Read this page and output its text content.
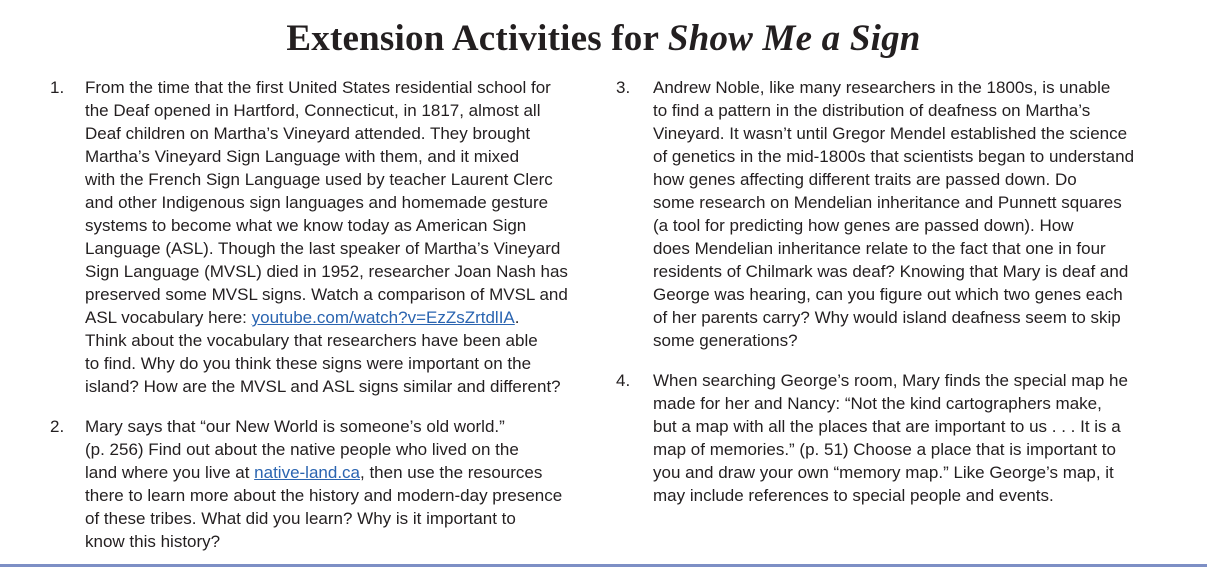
Extension Activities for Show Me a Sign
1. From the time that the first United States residential school for
the Deaf opened in Hartford, Connecticut, in 1817, almost all
Deaf children on Martha’s Vineyard attended. They brought
Martha’s Vineyard Sign Language with them, and it mixed
with the French Sign Language used by teacher Laurent Clerc
and other Indigenous sign languages and homemade gesture
systems to become what we know today as American Sign
Language (ASL). Though the last speaker of Martha’s Vineyard
Sign Language (MVSL) died in 1952, researcher Joan Nash has
preserved some MVSL signs. Watch a comparison of MVSL and
ASL vocabulary here: youtube.com/watch?v=EzZsZrtdlIA.
Think about the vocabulary that researchers have been able
to find. Why do you think these signs were important on the
island? How are the MVSL and ASL signs similar and different?
2. Mary says that “our New World is someone’s old world.”
(p. 256) Find out about the native people who lived on the
land where you live at native-land.ca, then use the resources
there to learn more about the history and modern-day presence
of these tribes. What did you learn? Why is it important to
know this history?
3. Andrew Noble, like many researchers in the 1800s, is unable
to find a pattern in the distribution of deafness on Martha’s
Vineyard. It wasn’t until Gregor Mendel established the science
of genetics in the mid-1800s that scientists began to understand
how genes affecting different traits are passed down. Do
some research on Mendelian inheritance and Punnett squares
(a tool for predicting how genes are passed down). How
does Mendelian inheritance relate to the fact that one in four
residents of Chilmark was deaf? Knowing that Mary is deaf and
George was hearing, can you figure out which two genes each
of her parents carry? Why would island deafness seem to skip
some generations?
4. When searching George’s room, Mary finds the special map he
made for her and Nancy: “Not the kind cartographers make,
but a map with all the places that are important to us . . . It is a
map of memories.” (p. 51) Choose a place that is important to
you and draw your own “memory map.” Like George’s map, it
may include references to special people and events.
